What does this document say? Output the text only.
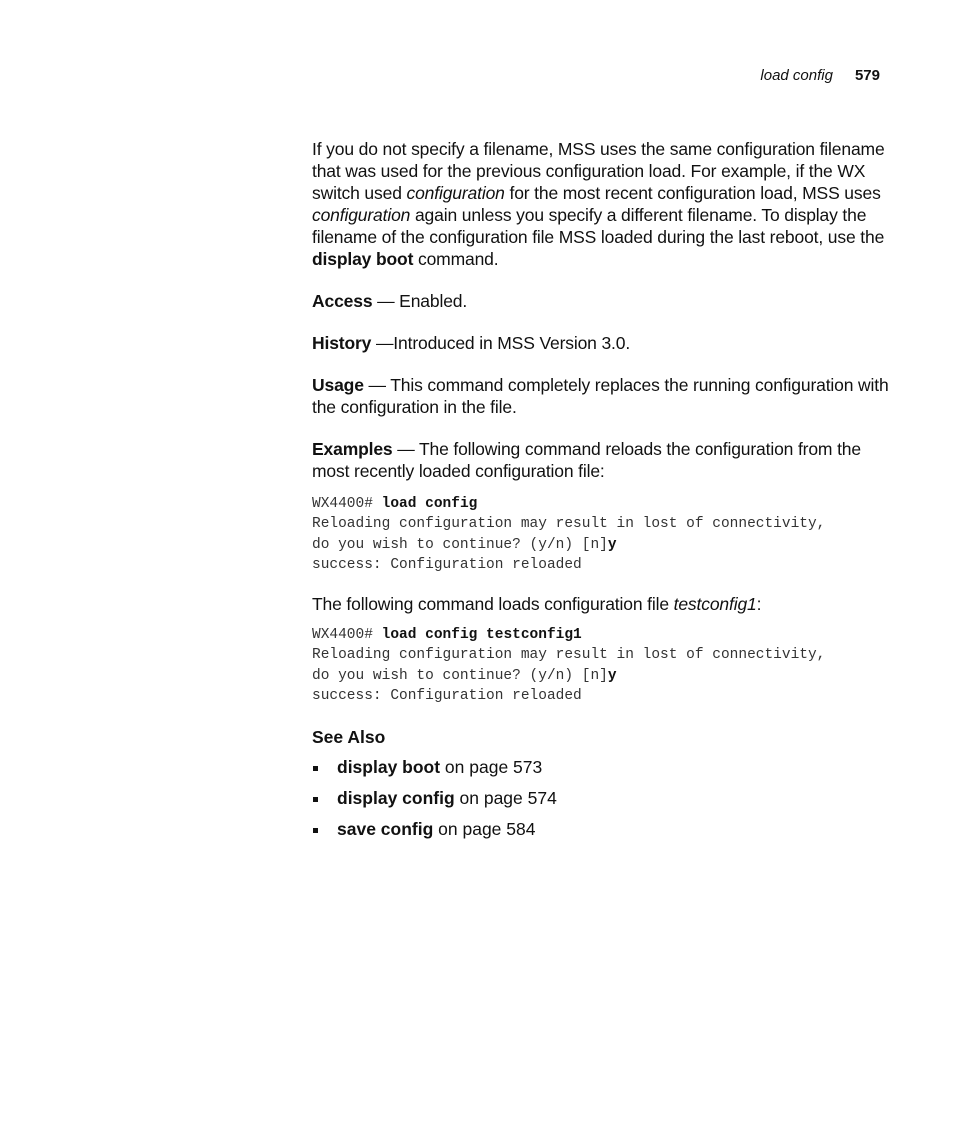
load config 579

If you do not specify a filename, MSS uses the same configuration filename that was used for the previous configuration load. For example, if the WX switch used configuration for the most recent configuration load, MSS uses configuration again unless you specify a different filename. To display the filename of the configuration file MSS loaded during the last reboot, use the display boot command.

Access — Enabled.

History —Introduced in MSS Version 3.0.

Usage — This command completely replaces the running configuration with the configuration in the file.

Examples — The following command reloads the configuration from the most recently loaded configuration file:

WX4400# load config
Reloading configuration may result in lost of connectivity,
do you wish to continue? (y/n) [n]y
success: Configuration reloaded

The following command loads configuration file testconfig1:

WX4400# load config testconfig1
Reloading configuration may result in lost of connectivity,
do you wish to continue? (y/n) [n]y
success: Configuration reloaded
See Also
display boot on page 573
display config on page 574
save config on page 584
